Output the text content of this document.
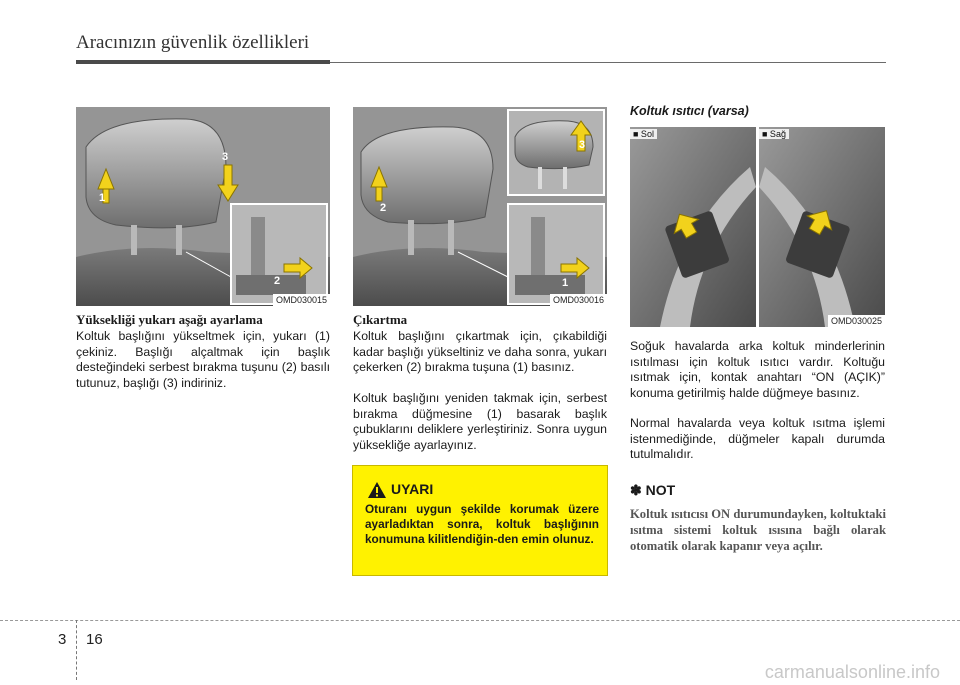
Aracınızın güvenlik özellikleri
1
2
3
OMD030015
1
2
3
OMD030016
■ Sol	■ Sağ
OMD030025
Yüksekliği yukarı aşağı ayarlama

Koltuk başlığını yükseltmek için, yukarı (1) çekiniz. Başlığı alçaltmak için başlık desteğindeki serbest bırakma tuşunu (2) basılı tutunuz, başlığı (3) indiriniz.

Çıkartma

Koltuk başlığını çıkartmak için, çıkabildiği kadar başlığı yükseltiniz ve daha sonra, yukarı çekerken (2) bırakma tuşuna (1) basınız.

Koltuk başlığını yeniden takmak için, serbest bırakma düğmesine (1) basarak başlık çubuklarını deliklere yerleştiriniz. Sonra uygun yüksekliğe ayarlayınız.

UYARI

Oturanı uygun şekilde korumak üzere ayarladıktan sonra, koltuk başlığının konumuna kilitlendiğin-den emin olunuz.

Koltuk ısıtıcı (varsa)

Soğuk havalarda arka koltuk minderlerinin ısıtılması için koltuk ısıtıcı vardır. Koltuğu ısıtmak için, kontak anahtarı “ON (AÇIK)” konuma getirilmiş halde düğmeye basınız.

Normal havalarda veya koltuk ısıtma işlemi istenmediğinde, düğmeler kapalı durumda tutulmalıdır.

✽ NOT

Koltuk ısıtıcısı ON durumundayken, koltuktaki ısıtma sistemi koltuk ısısına bağlı olarak otomatik olarak kapanır veya açılır.

3 16
carmanualsonline.info
